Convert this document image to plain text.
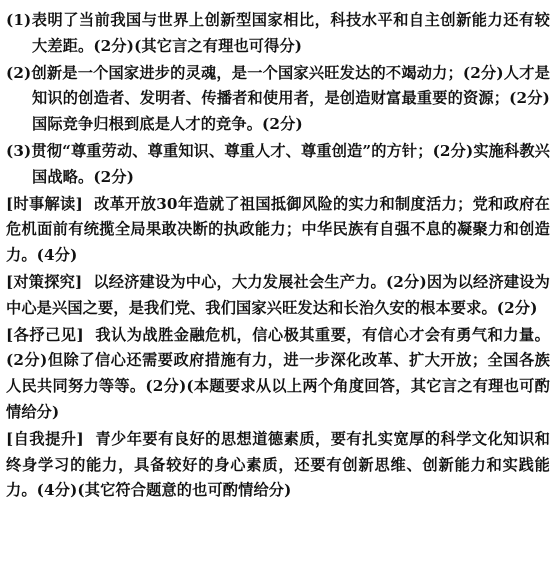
(1)表明了当前我国与世界上创新型国家相比，科技水平和自主创新能力还有较大差距。(2分)(其它言之有理也可得分)

(2)创新是一个国家进步的灵魂，是一个国家兴旺发达的不竭动力；(2分)人才是知识的创造者、发明者、传播者和使用者，是创造财富最重要的资源；(2分)国际竞争归根到底是人才的竞争。(2分)

(3)贯彻“尊重劳动、尊重知识、尊重人才、尊重创造”的方针；(2分)实施科教兴国战略。(2分)

[时事解读] 改革开放30年造就了祖国抵御风险的实力和制度活力；党和政府在危机面前有统揽全局果敢决断的执政能力；中华民族有自强不息的凝聚力和创造力。(4分)

[对策探究] 以经济建设为中心，大力发展社会生产力。(2分)因为以经济建设为中心是兴国之要，是我们党、我们国家兴旺发达和长治久安的根本要求。(2分)

[各抒己见] 我认为战胜金融危机，信心极其重要，有信心才会有勇气和力量。(2分)但除了信心还需要政府措施有力，进一步深化改革、扩大开放；全国各族人民共同努力等等。(2分)(本题要求从以上两个角度回答，其它言之有理也可酌情给分)

[自我提升] 青少年要有良好的思想道德素质，要有扎实宽厚的科学文化知识和终身学习的能力，具备较好的身心素质，还要有创新思维、创新能力和实践能力。(4分)(其它符合题意的也可酌情给分)
